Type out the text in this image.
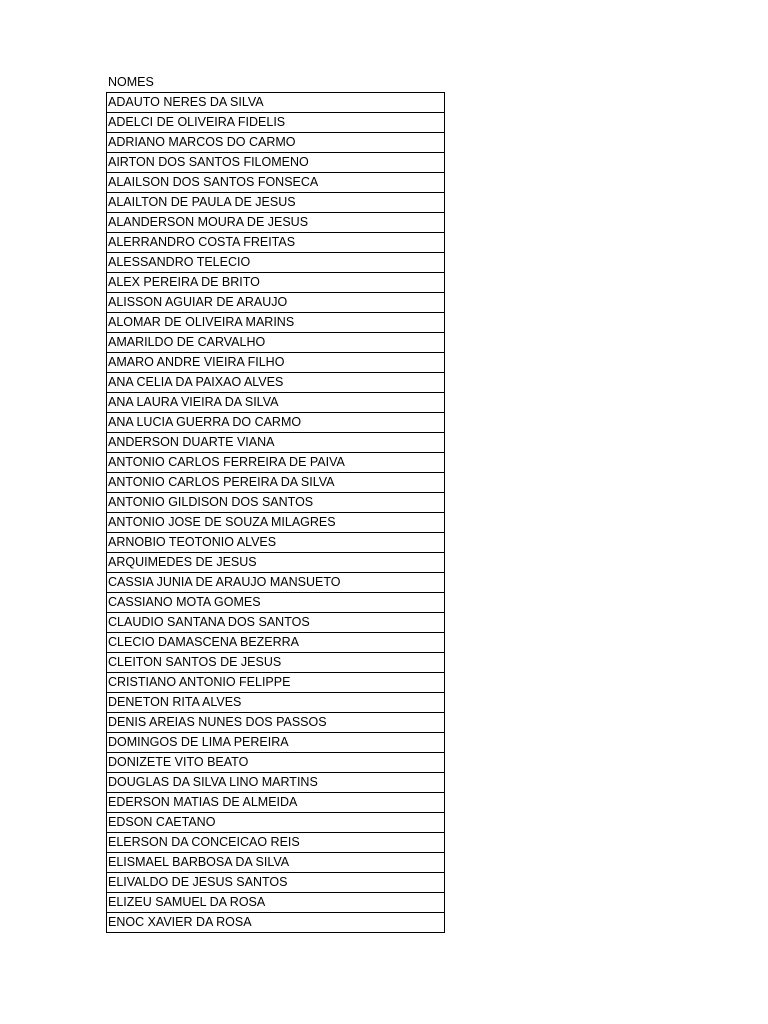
NOMES
ADAUTO NERES DA SILVA
ADELCI DE OLIVEIRA FIDELIS
ADRIANO MARCOS DO CARMO
AIRTON DOS SANTOS FILOMENO
ALAILSON DOS SANTOS FONSECA
ALAILTON DE PAULA DE JESUS
ALANDERSON MOURA DE JESUS
ALERRANDRO COSTA FREITAS
ALESSANDRO TELECIO
ALEX PEREIRA DE BRITO
ALISSON AGUIAR DE ARAUJO
ALOMAR DE OLIVEIRA MARINS
AMARILDO DE CARVALHO
AMARO ANDRE VIEIRA FILHO
ANA CELIA DA PAIXAO ALVES
ANA LAURA VIEIRA DA SILVA
ANA LUCIA GUERRA DO CARMO
ANDERSON DUARTE VIANA
ANTONIO CARLOS FERREIRA DE PAIVA
ANTONIO CARLOS PEREIRA DA SILVA
ANTONIO GILDISON DOS SANTOS
ANTONIO JOSE DE SOUZA MILAGRES
ARNOBIO TEOTONIO ALVES
ARQUIMEDES DE JESUS
CASSIA JUNIA DE ARAUJO MANSUETO
CASSIANO MOTA GOMES
CLAUDIO SANTANA DOS SANTOS
CLECIO DAMASCENA BEZERRA
CLEITON SANTOS DE JESUS
CRISTIANO ANTONIO FELIPPE
DENETON RITA ALVES
DENIS AREIAS NUNES DOS PASSOS
DOMINGOS DE LIMA PEREIRA
DONIZETE VITO BEATO
DOUGLAS DA SILVA LINO MARTINS
EDERSON MATIAS DE ALMEIDA
EDSON CAETANO
ELERSON DA CONCEICAO REIS
ELISMAEL BARBOSA DA SILVA
ELIVALDO DE JESUS SANTOS
ELIZEU SAMUEL DA ROSA
ENOC XAVIER DA ROSA
